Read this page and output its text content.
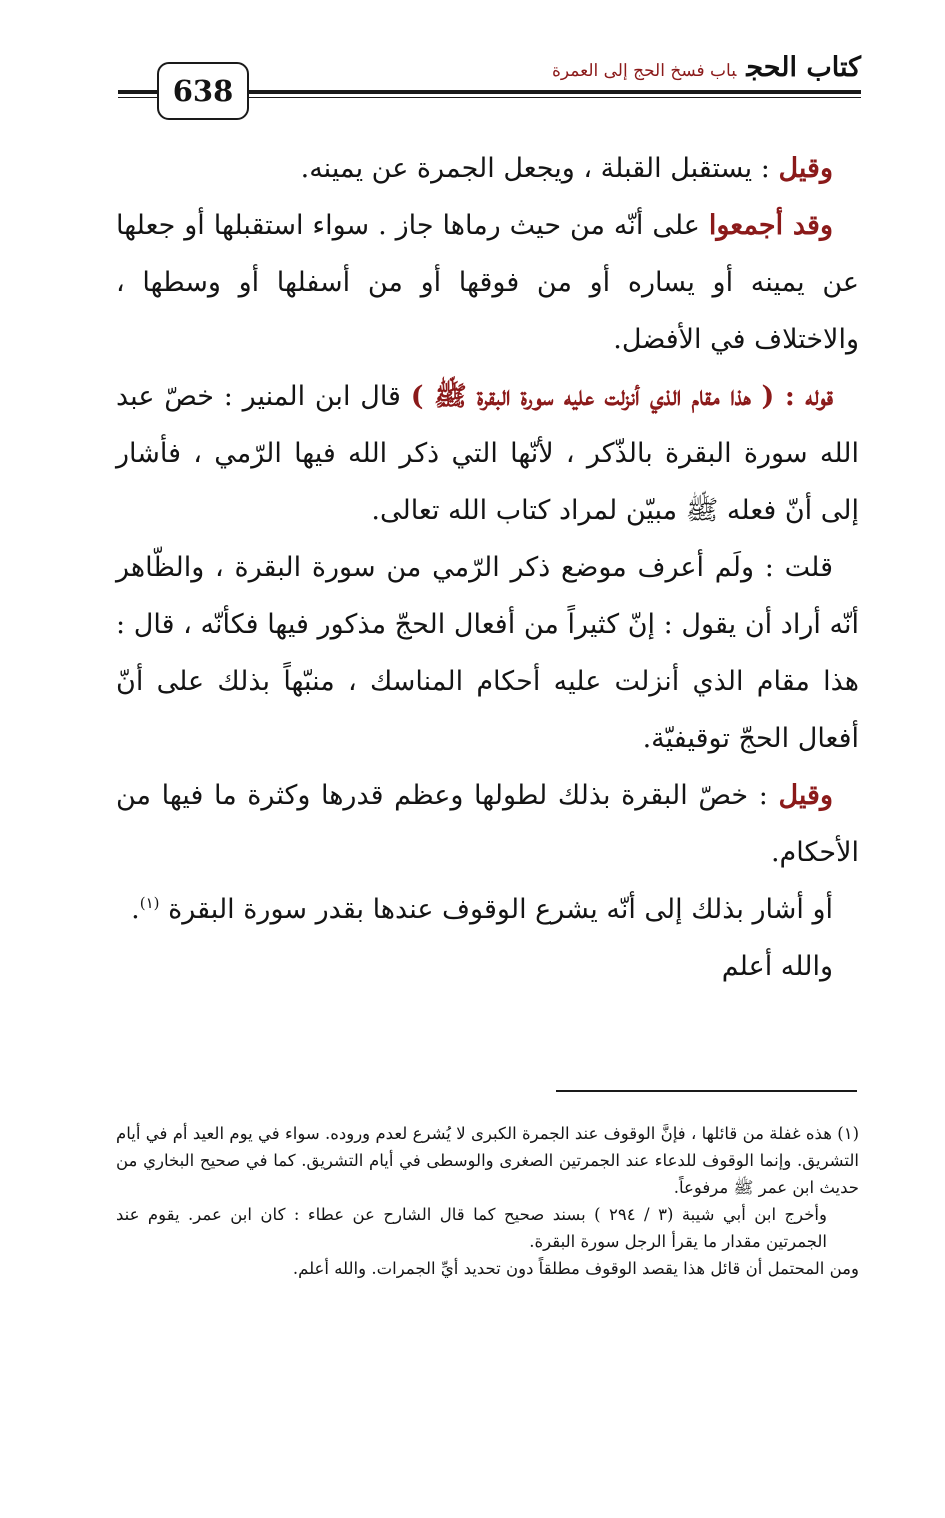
كتاب الحجباب فسخ الحج إلى العمرة
638

وقيل : يستقبل القبلة ، ويجعل الجمرة عن يمينه.

وقد أجمعوا على أنّه من حيث رماها جاز . سواء استقبلها أو جعلها عن يمينه أو يساره أو من فوقها أو من أسفلها أو وسطها ، والاختلاف في الأفضل.

قوله : ( هذا مقام الذي أنزلت عليه سورة البقرة ﷺ ) قال ابن المنير : خصّ عبد الله سورة البقرة بالذّكر ، لأنّها التي ذكر الله فيها الرّمي ، فأشار إلى أنّ فعله ﷺ مبيّن لمراد كتاب الله تعالى.

قلت : ولَم أعرف موضع ذكر الرّمي من سورة البقرة ، والظّاهر أنّه أراد أن يقول : إنّ كثيراً من أفعال الحجّ مذكور فيها فكأنّه ، قال : هذا مقام الذي أنزلت عليه أحكام المناسك ، منبّهاً بذلك على أنّ أفعال الحجّ توقيفيّة.

وقيل : خصّ البقرة بذلك لطولها وعظم قدرها وكثرة ما فيها من الأحكام.

أو أشار بذلك إلى أنّه يشرع الوقوف عندها بقدر سورة البقرة $^{(١)}$.

والله أعلم

(١) هذه غفلة من قائلها ، فإنَّ الوقوف عند الجمرة الكبرى لا يُشرع لعدم وروده. سواء في يوم العيد أم في أيام التشريق. وإنما الوقوف للدعاء عند الجمرتين الصغرى والوسطى في أيام التشريق. كما في صحيح البخاري من حديث ابن عمر ﷺ مرفوعاً.

وأخرج ابن أبي شيبة (٣ / ٢٩٤ ) بسند صحيح كما قال الشارح عن عطاء : كان ابن عمر. يقوم عند الجمرتين مقدار ما يقرأ الرجل سورة البقرة.

ومن المحتمل أن قائل هذا يقصد الوقوف مطلقاً دون تحديد أيِّ الجمرات. والله أعلم.
